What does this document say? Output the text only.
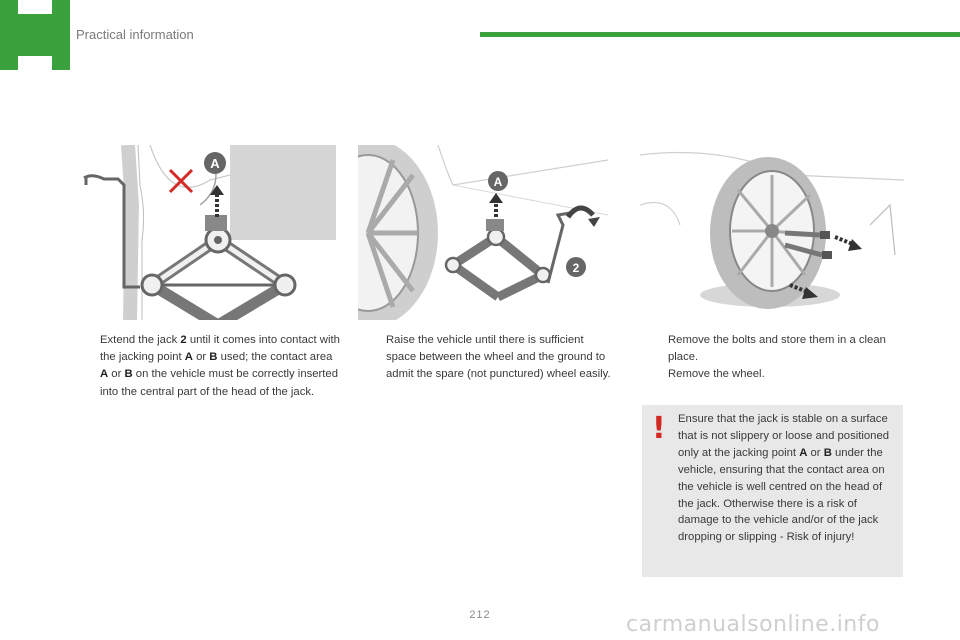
Practical information
A
A
2
Extend the jack 2 until it comes into contact with the jacking point A or B used; the contact area A or B on the vehicle must be correctly inserted into the central part of the head of the jack.
Raise the vehicle until there is sufficient space between the wheel and the ground to admit the spare (not punctured) wheel easily.
Remove the bolts and store them in a clean place.
Remove the wheel.
! Ensure that the jack is stable on a surface that is not slippery or loose and positioned only at the jacking point A or B under the vehicle, ensuring that the contact area on the vehicle is well centred on the head of the jack. Otherwise there is a risk of damage to the vehicle and/or of the jack dropping or slipping - Risk of injury!
212	carmanualsonline.info
